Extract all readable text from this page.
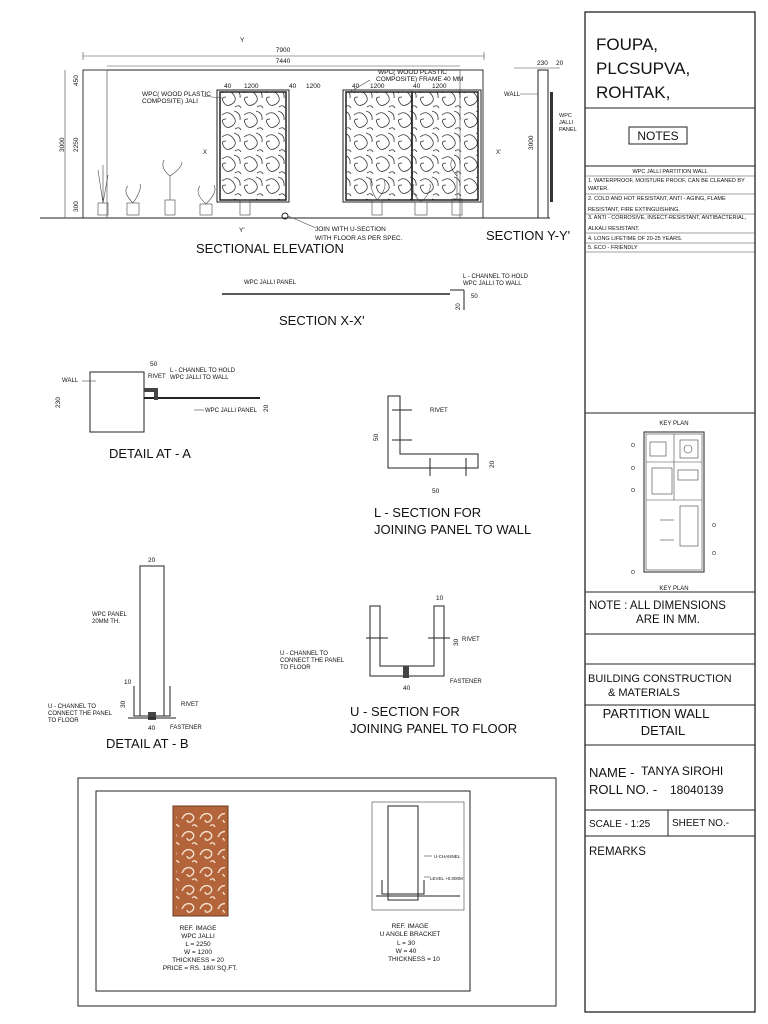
FOUPA,
PLCSUPVA,
ROHTAK,
NOTES
WPC JALLI PARTITION WALL
1. WATERPROOF, MOISTURE PROOF, CAN BE CLEANED BY
WATER.
2. COLD AND HOT RESISTANT, ANTI - AGING, FLAME
RESISTANT, FIRE EXTINGUISHING.
3. ANTI - CORROSIVE, INSECT-RESISTANT, ANTIBACTERIAL,
ALKALI RESISTANT.
4. LONG LIFETIME OF 20-25 YEARS.
5. ECO - FRIENDLY
KEY PLAN
KEY PLAN
NOTE : ALL DIMENSIONS
ARE IN MM.
BUILDING CONSTRUCTION
& MATERIALS
PARTITION WALL
DETAIL
NAME - TANYA SIROHI
ROLL NO. - 18040139
SCALE - 1:25 SHEET NO.-
REMARKS
Y
7900
7440
40 1200	40 1200	40 1200	40 1200
WPC( WOOD PLASTIC
COMPOSITE) JALI
WPC( WOOD PLASTIC
COMPOSITE) FRAME 40 MM
450
3000 2250
300
X	X'
Y'	JOIN WITH U-SECTION
WITH FLOOR AS PER SPEC.
SECTIONAL ELEVATION
230 20
WALL
WPC
JALLI
PANEL
3000
SECTION Y-Y'
WPC JALLI PANEL
L - CHANNEL TO HOLD
WPC JALLI TO WALL
20
50
SECTION X-X'
WALL
RIVET
L - CHANNEL TO HOLD
WPC JALLI TO WALL
50
WPC JALLI PANEL
230
20
DETAIL AT - A
RIVET
50
50
20
L - SECTION FOR
JOINING PANEL TO WALL
20
WPC PANEL
20MM TH.
U - CHANNEL TO
CONNECT THE PANEL
TO FLOOR
10
30
40
RIVET
FASTENER
DETAIL AT - B
10
30
40
RIVET
FASTENER
U - CHANNEL TO
CONNECT THE PANEL
TO FLOOR
U - SECTION FOR
JOINING PANEL TO FLOOR
REF. IMAGE
WPC JALLI
L = 2250
W = 1200
THICKNESS = 20
PRICE = RS. 180/ SQ.FT.
U-CHANNEL
LEVEL +0.000M
REF. IMAGE
U ANGLE BRACKET
L = 30
W = 40
THICKNESS = 10
